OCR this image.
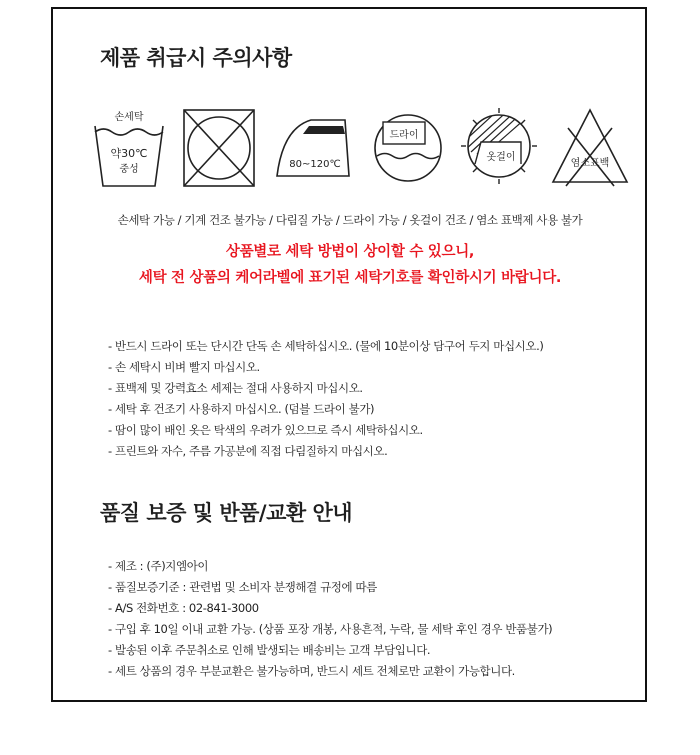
제품 취급시 주의사항
손세탁
약30℃
중성	80~120℃
드라이
옷걸이
염소표백
손세탁 가능 / 기계 건조 불가능 / 다림질 가능 / 드라이 가능 / 옷걸이 건조 / 염소 표백제 사용 불가
상품별로 세탁 방법이 상이할 수 있으니,
세탁 전 상품의 케어라벨에 표기된 세탁기호를 확인하시기 바랍니다.
- 반드시 드라이 또는 단시간 단독 손 세탁하십시오. (물에 10분이상 담구어 두지 마십시오.)
- 손 세탁시 비벼 빨지 마십시오.
- 표백제 및 강력효소 세제는 절대 사용하지 마십시오.
- 세탁 후 건조기 사용하지 마십시오. (덤블 드라이 불가)
- 땀이 많이 배인 옷은 탁색의 우려가 있으므로 즉시 세탁하십시오.
- 프린트와 자수, 주름 가공분에 직접 다림질하지 마십시오.
품질 보증 및 반품/교환 안내
- 제조 : (주)지엠아이
- 품질보증기준 : 관련법 및 소비자 분쟁해결 규정에 따름
- A/S 전화번호 : 02-841-3000
- 구입 후 10일 이내 교환 가능. (상품 포장 개봉, 사용흔적, 누락, 물 세탁 후인 경우 반품불가)
- 발송된 이후 주문취소로 인해 발생되는 배송비는 고객 부담입니다.
- 세트 상품의 경우 부분교환은 불가능하며, 반드시 세트 전체로만 교환이 가능합니다.
